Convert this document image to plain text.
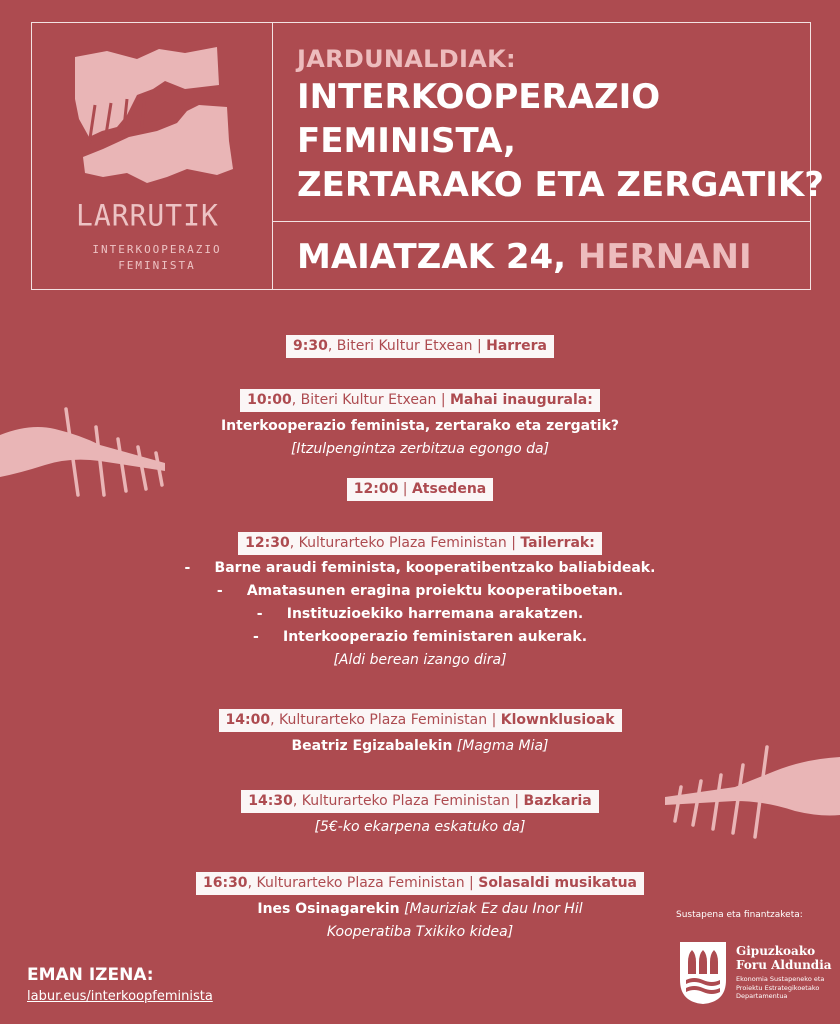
LARRUTIK
INTERKOOPERAZIO
FEMINISTA
JARDUNALDIAK:
INTERKOOPERAZIO
FEMINISTA,
ZERTARAKO ETA ZERGATIK?
MAIATZAK 24, HERNANI
9:30, Biteri Kultur Etxean | Harrera
10:00, Biteri Kultur Etxean | Mahai inaugurala:
Interkooperazio feminista, zertarako eta zergatik?
[Itzulpengintza zerbitzua egongo da]
12:00 | Atsedena
12:30, Kulturarteko Plaza Feministan | Tailerrak:
- Barne araudi feminista, kooperatibentzako baliabideak.
- Amatasunen eragina proiektu kooperatiboetan.
- Instituzioekiko harremana arakatzen.
- Interkooperazio feministaren aukerak.
[Aldi berean izango dira]
14:00, Kulturarteko Plaza Feministan | Klownklusioak
Beatriz Egizabalekin [Magma Mia]
14:30, Kulturarteko Plaza Feministan | Bazkaria
[5€-ko ekarpena eskatuko da]
16:30, Kulturarteko Plaza Feministan | Solasaldi musikatua
Ines Osinagarekin [Mauriziak Ez dau Inor Hil
Kooperatiba Txikiko kidea]
EMAN IZENA:
labur.eus/interkoopfeminista
Sustapena eta finantzaketa:
Gipuzkoako
Foru Aldundia
Ekonomia Sustapeneko eta
Proiektu Estrategikoetako
Departamentua
